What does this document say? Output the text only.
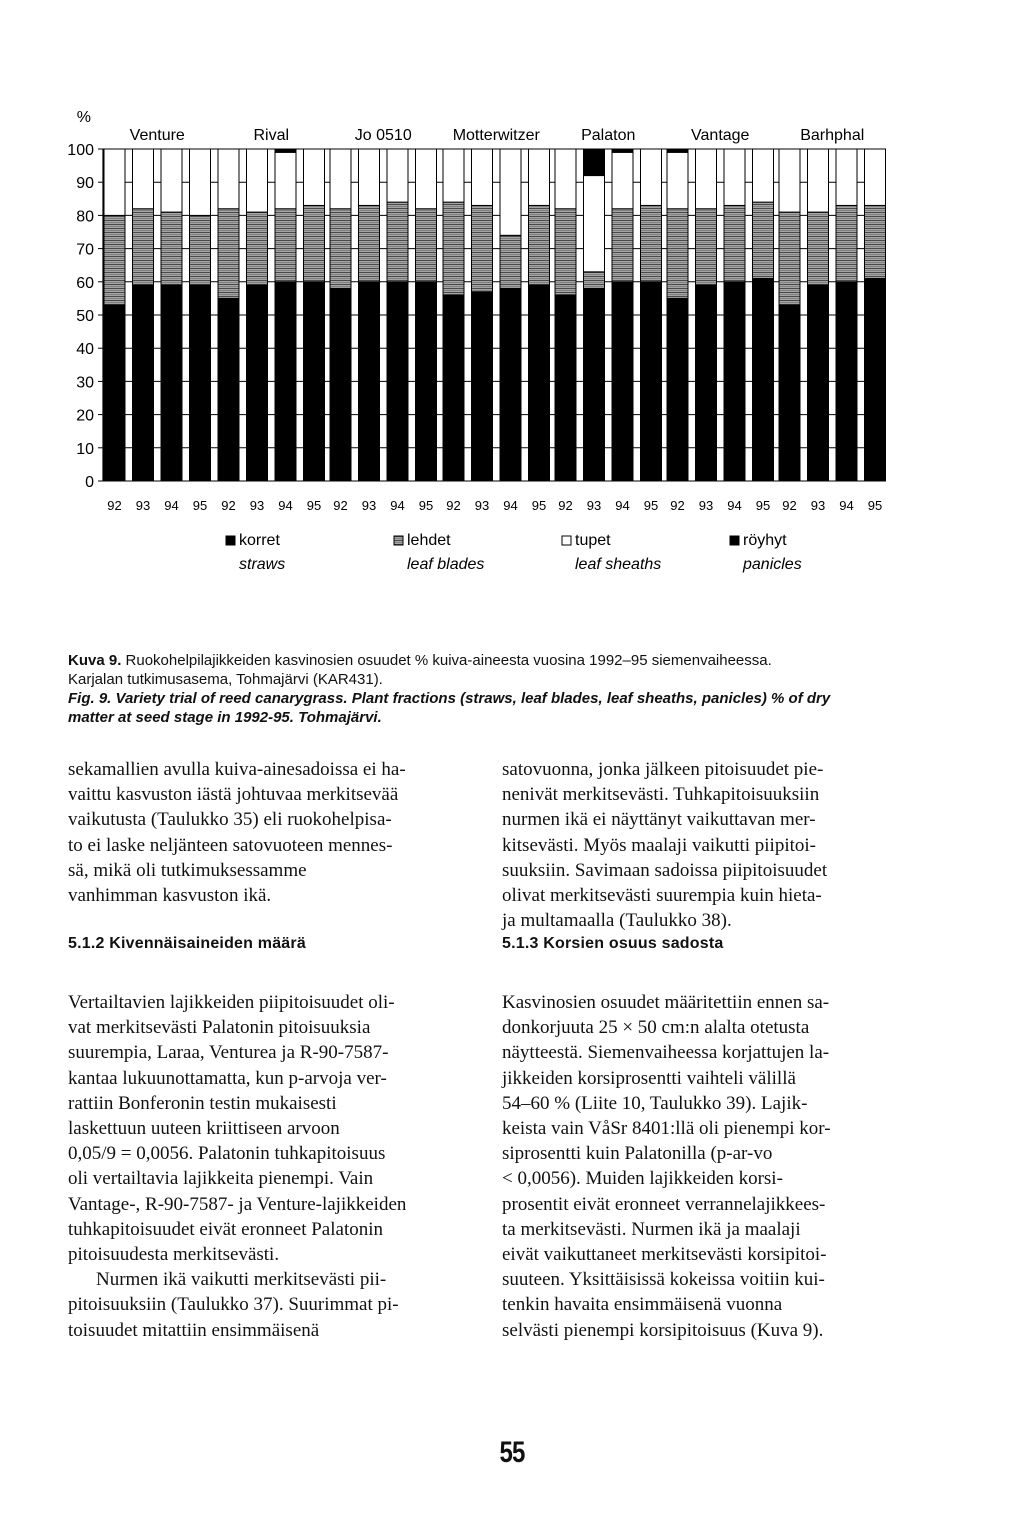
0
10
20
30
40
50
60
70
80
90
100
%
92 93 94 95
Venture
92 93 94 95
Rival
92 93 94 95
Jo 0510
92 93 94 95
Motterwitzer
92 93 94 95
Palaton
92 93 94 95
Vantage
92 93 94 95
Barhphal
korret
straws
lehdet
leaf blades
tupet
leaf sheaths
röyhyt
panicles
Kuva 9. Ruokohelpilajikkeiden kasvinosien osuudet % kuiva-aineesta vuosina 1992–95 siemenvaiheessa.
Karjalan tutkimusasema, Tohmajärvi (KAR431).
Fig. 9. Variety trial of reed canarygrass. Plant fractions (straws, leaf blades, leaf sheaths, panicles) % of dry
matter at seed stage in 1992-95. Tohmajärvi.

sekamallien avulla kuiva-ainesadoissa ei ha-

vaittu kasvuston iästä johtuvaa merkitsevää

vaikutusta (Taulukko 35) eli ruokohelpisa-

to ei laske neljänteen satovuoteen mennes-

sä, mikä oli tutkimuksessamme

vanhimman kasvuston ikä.

5.1.2 Kivennäisaineiden määrä

Vertailtavien lajikkeiden piipitoisuudet oli-

vat merkitsevästi Palatonin pitoisuuksia

suurempia, Laraa, Venturea ja R-90-7587-

kantaa lukuunottamatta, kun p-arvoja ver-

rattiin Bonferonin testin mukaisesti

laskettuun uuteen kriittiseen arvoon

0,05/9 = 0,0056. Palatonin tuhkapitoisuus

oli vertailtavia lajikkeita pienempi. Vain

Vantage-, R-90-7587- ja Venture-lajikkeiden

tuhkapitoisuudet eivät eronneet Palatonin

pitoisuudesta merkitsevästi.

Nurmen ikä vaikutti merkitsevästi pii-

pitoisuuksiin (Taulukko 37). Suurimmat pi-

toisuudet mitattiin ensimmäisenä

satovuonna, jonka jälkeen pitoisuudet pie-

nenivät merkitsevästi. Tuhkapitoisuuksiin

nurmen ikä ei näyttänyt vaikuttavan mer-

kitsevästi. Myös maalaji vaikutti piipitoi-

suuksiin. Savimaan sadoissa piipitoisuudet

olivat merkitsevästi suurempia kuin hieta-

ja multamaalla (Taulukko 38).

5.1.3 Korsien osuus sadosta

Kasvinosien osuudet määritettiin ennen sa-

donkorjuuta 25 × 50 cm:n alalta otetusta

näytteestä. Siemenvaiheessa korjattujen la-

jikkeiden korsiprosentti vaihteli välillä

54–60 % (Liite 10, Taulukko 39). Lajik-

keista vain VåSr 8401:llä oli pienempi kor-

siprosentti kuin Palatonilla (p-ar-vo

< 0,0056). Muiden lajikkeiden korsi-

prosentit eivät eronneet verrannelajikkees-

ta merkitsevästi. Nurmen ikä ja maalaji

eivät vaikuttaneet merkitsevästi korsipitoi-

suuteen. Yksittäisissä kokeissa voitiin kui-

tenkin havaita ensimmäisenä vuonna

selvästi pienempi korsipitoisuus (Kuva 9).

55
